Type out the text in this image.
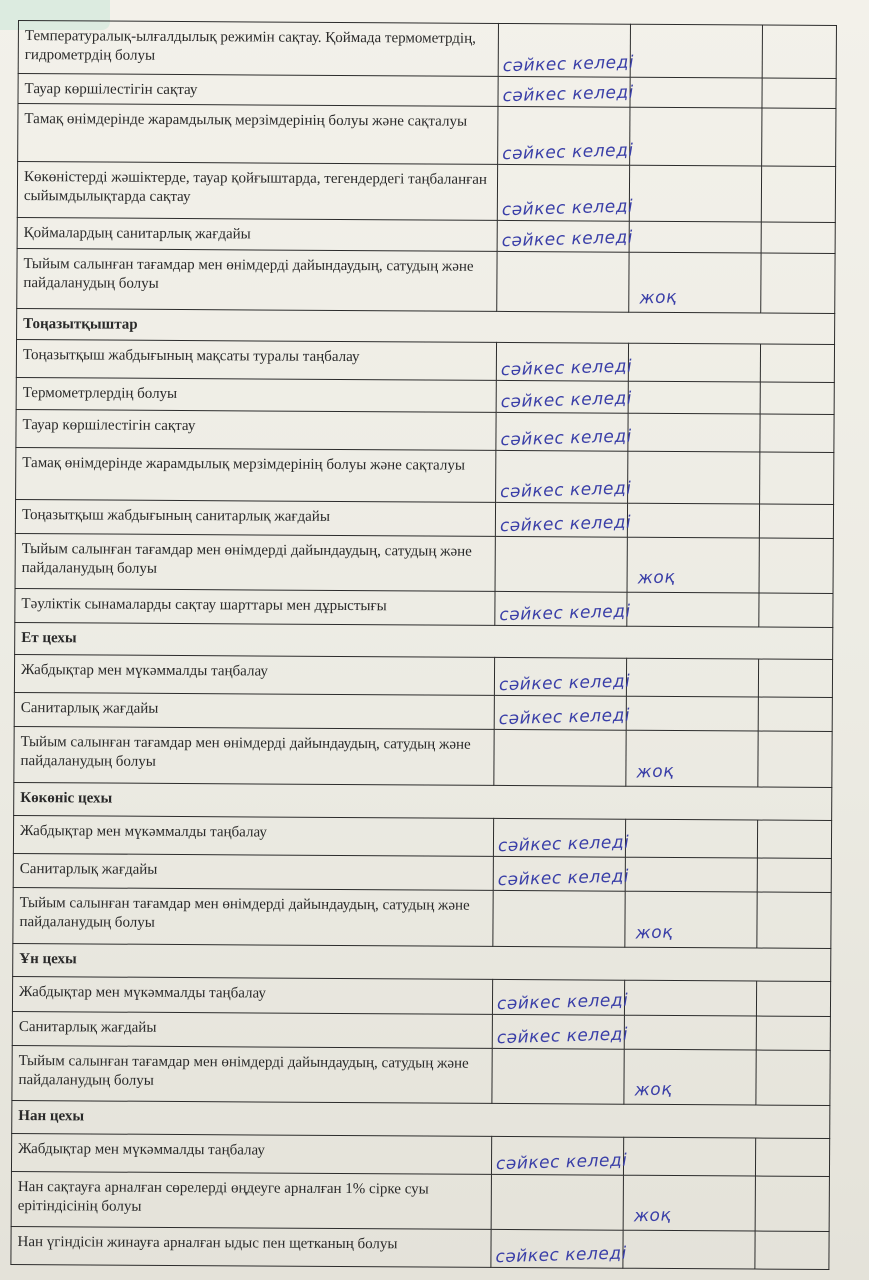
Температуралық-ылғалдылық режимін сақтау. Қоймада термометрдің, гидрометрдің болуы	сәйкес келеді		

Тауар көршілестігін сақтау	сәйкес келеді		

Тамақ өнімдерінде жарамдылық мерзімдерінің болуы және сақталуы	сәйкес келеді		

Көкөністерді жәшіктерде, тауар қойғыштарда, тегендердегі таңбаланған сыйымдылықтарда сақтау	сәйкес келеді		

Қоймалардың санитарлық жағдайы	сәйкес келеді		

Тыйым салынған тағамдар мен өнімдерді дайындаудың, сатудың және пайдаланудың болуы		жоқ	

Тоңазытқыштар			
Тоңазытқыш жабдығының мақсаты туралы таңбалау	сәйкес келеді		

Термометрлердің болуы	сәйкес келеді		

Тауар көршілестігін сақтау	сәйкес келеді		

Тамақ өнімдерінде жарамдылық мерзімдерінің болуы және сақталуы	сәйкес келеді		

Тоңазытқыш жабдығының санитарлық жағдайы	сәйкес келеді		

Тыйым салынған тағамдар мен өнімдерді дайындаудың, сатудың және пайдаланудың болуы		жоқ	

Тәуліктік сынамаларды сақтау шарттары мен дұрыстығы	сәйкес келеді		

Ет цехы			
Жабдықтар мен мүкәммалды таңбалау	сәйкес келеді		

Санитарлық жағдайы	сәйкес келеді		

Тыйым салынған тағамдар мен өнімдерді дайындаудың, сатудың және пайдаланудың болуы		жоқ	

Көкөніс цехы			
Жабдықтар мен мүкәммалды таңбалау	сәйкес келеді		

Санитарлық жағдайы	сәйкес келеді		

Тыйым салынған тағамдар мен өнімдерді дайындаудың, сатудың және пайдаланудың болуы		жоқ	

Ұн цехы			
Жабдықтар мен мүкәммалды таңбалау	сәйкес келеді		

Санитарлық жағдайы	сәйкес келеді		

Тыйым салынған тағамдар мен өнімдерді дайындаудың, сатудың және пайдаланудың болуы		жоқ	

Нан цехы			
Жабдықтар мен мүкәммалды таңбалау	сәйкес келеді		

Нан сақтауға арналған сөрелерді өңдеуге арналған 1% сірке суы ерітіндісінің болуы		жоқ	

Нан үгіндісін жинауға арналған ыдыс пен щетканың болуы	сәйкес келеді		
